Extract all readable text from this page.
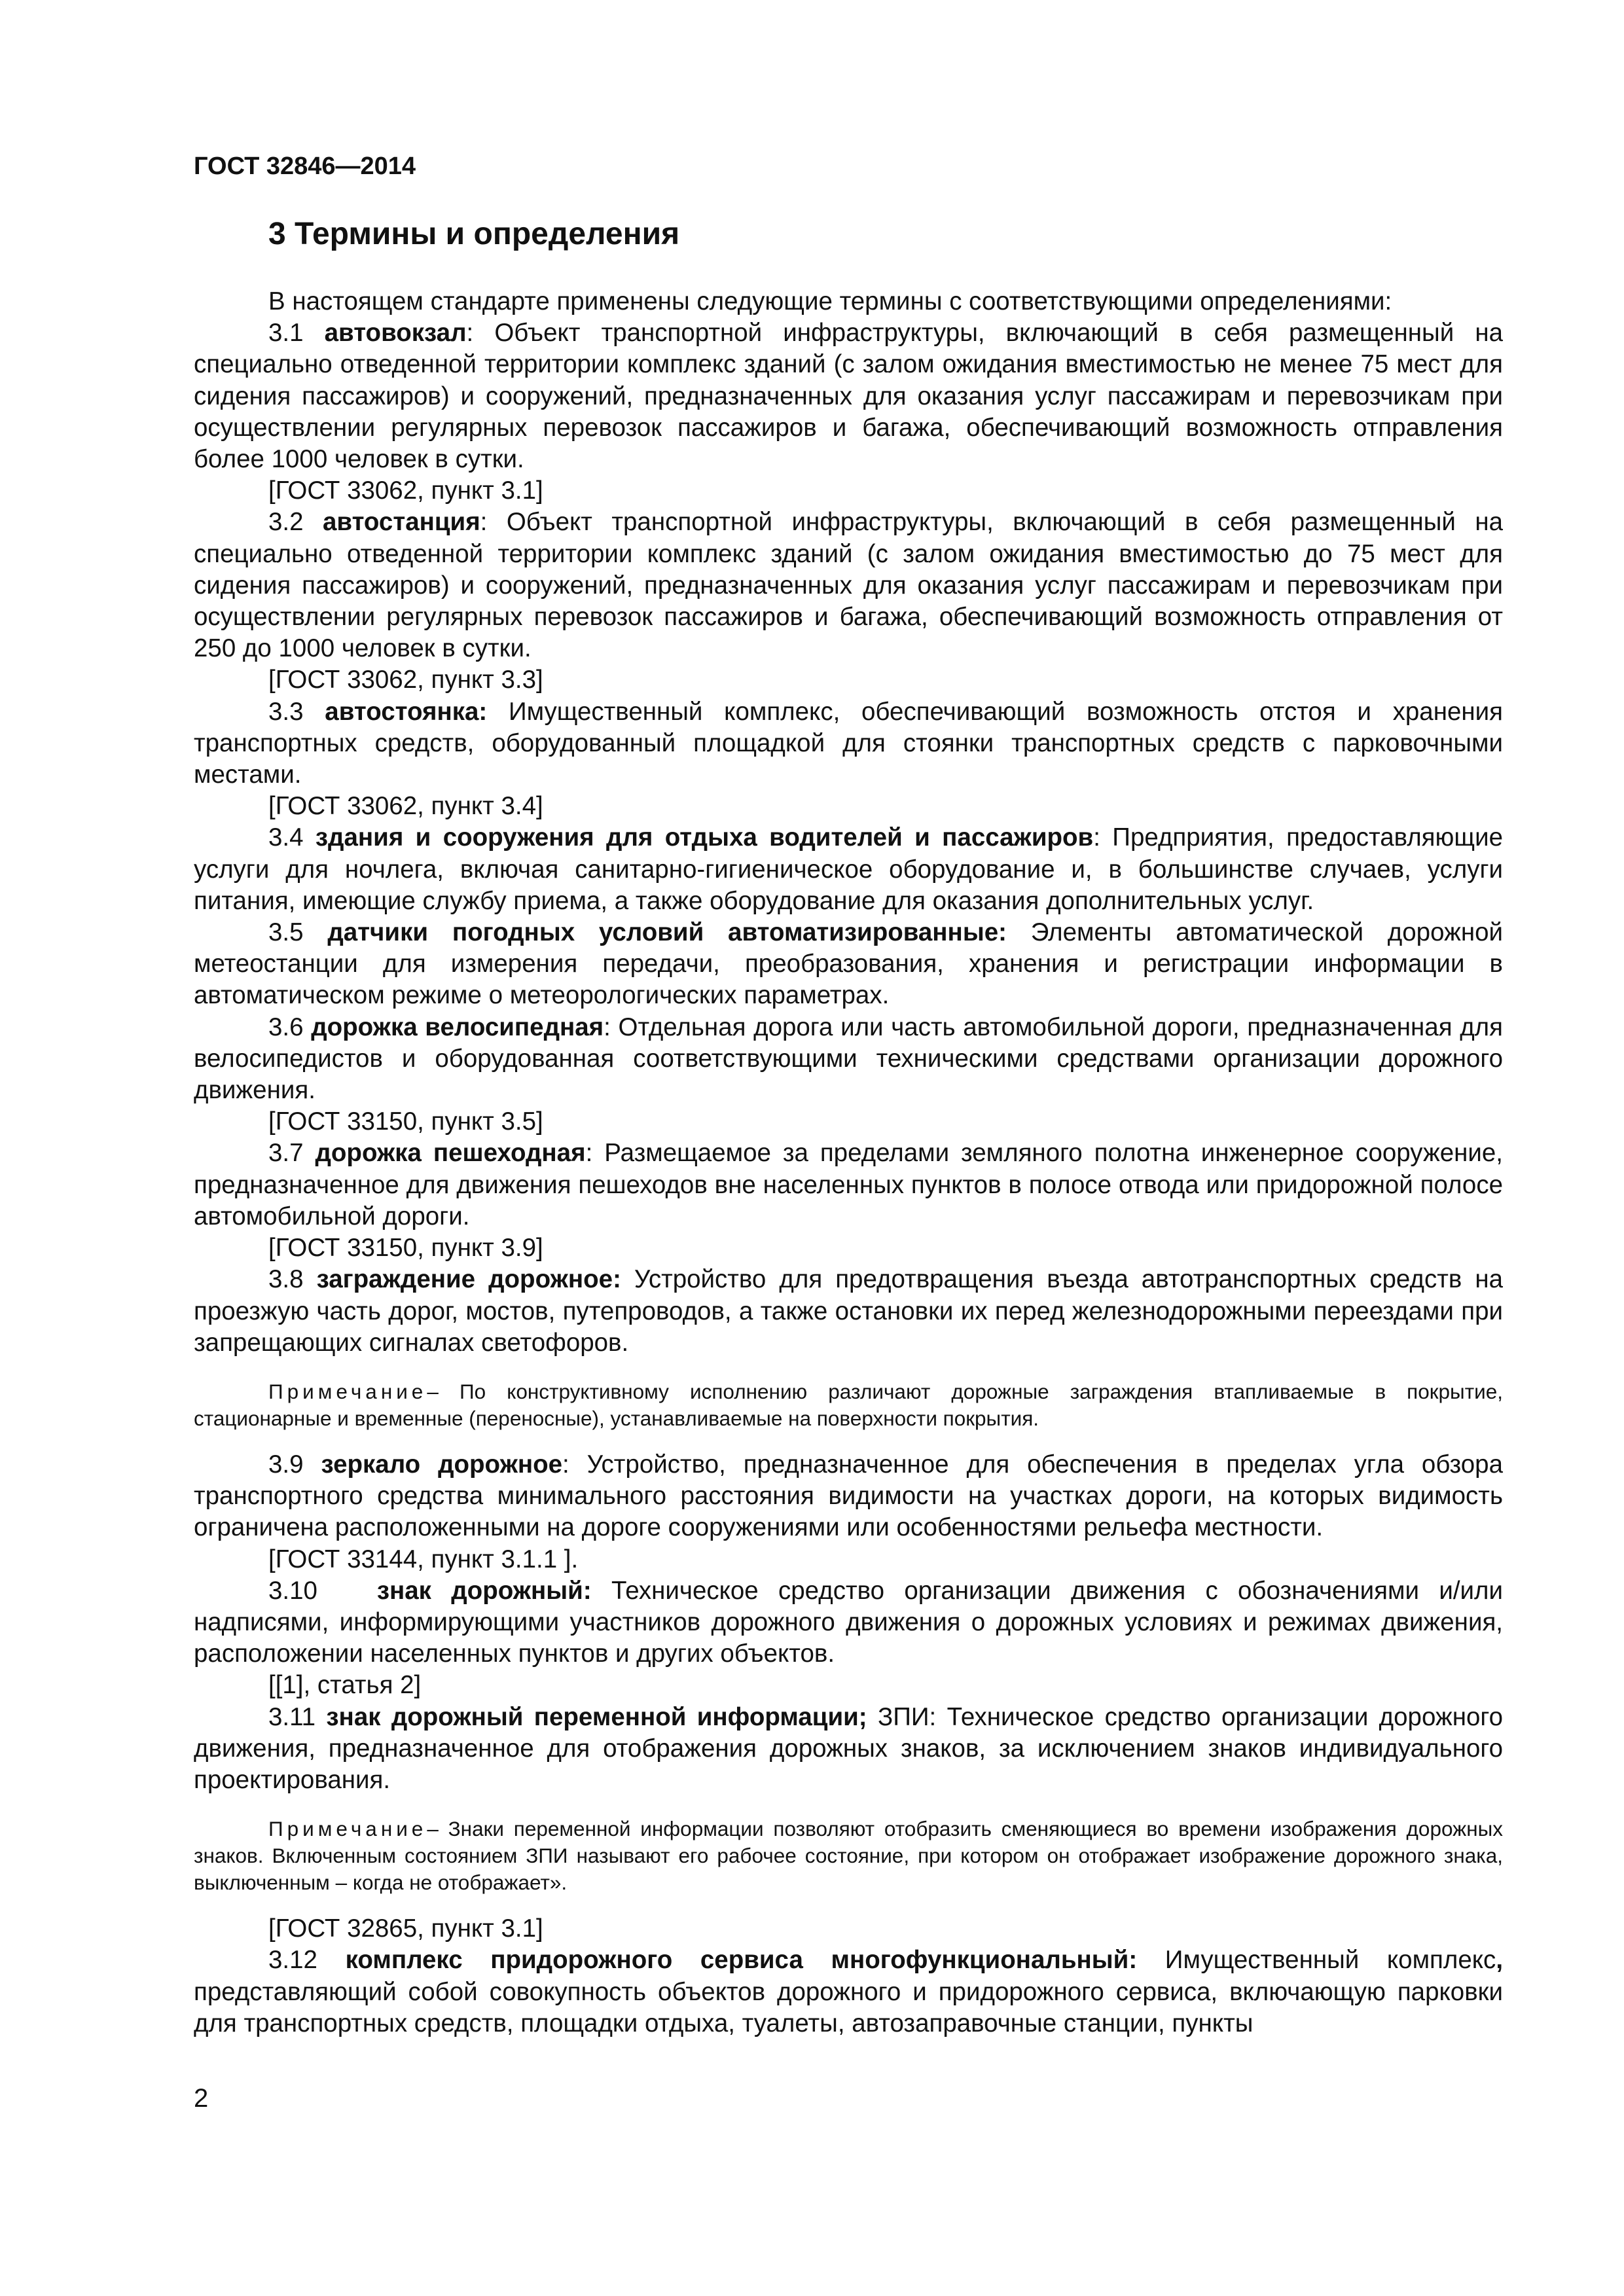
ГОСТ 32846—2014
3 Термины и определения

В настоящем стандарте применены следующие термины с соответствующими определениями:

3.1 автовокзал: Объект транспортной инфраструктуры, включающий в себя размещенный на специально отведенной территории комплекс зданий (с залом ожидания вместимостью не менее 75 мест для сидения пассажиров) и сооружений, предназначенных для оказания услуг пассажирам и перевозчикам при осуществлении регулярных перевозок пассажиров и багажа, обеспечивающий возможность отправления более 1000 человек в сутки.

[ГОСТ 33062, пункт 3.1]

3.2 автостанция: Объект транспортной инфраструктуры, включающий в себя размещенный на специально отведенной территории комплекс зданий (с залом ожидания вместимостью до 75 мест для сидения пассажиров) и сооружений, предназначенных для оказания услуг пассажирам и перевозчикам при осуществлении регулярных перевозок пассажиров и багажа, обеспечивающий возможность отправления от 250 до 1000 человек в сутки.

[ГОСТ 33062, пункт 3.3]

3.3 автостоянка: Имущественный комплекс, обеспечивающий возможность отстоя и хранения транспортных средств, оборудованный площадкой для стоянки транспортных средств с парковочными местами.

[ГОСТ 33062, пункт 3.4]

3.4 здания и сооружения для отдыха водителей и пассажиров: Предприятия, предоставляющие услуги для ночлега, включая санитарно-гигиеническое оборудование и, в большинстве случаев, услуги питания, имеющие службу приема, а также оборудование для оказания дополнительных услуг.

3.5 датчики погодных условий автоматизированные: Элементы автоматической дорожной метеостанции для измерения передачи, преобразования, хранения и регистрации информации в автоматическом режиме о метеорологических параметрах.

3.6 дорожка велосипедная: Отдельная дорога или часть автомобильной дороги, предназначенная для велосипедистов и оборудованная соответствующими техническими средствами организации дорожного движения.

[ГОСТ 33150, пункт 3.5]

3.7 дорожка пешеходная: Размещаемое за пределами земляного полотна инженерное сооружение, предназначенное для движения пешеходов вне населенных пунктов в полосе отвода или придорожной полосе автомобильной дороги.

[ГОСТ 33150, пункт 3.9]

3.8 заграждение дорожное: Устройство для предотвращения въезда автотранспортных средств на проезжую часть дорог, мостов, путепроводов, а также остановки их перед железнодорожными переездами при запрещающих сигналах светофоров.

Примечание– По конструктивному исполнению различают дорожные заграждения втапливаемые в покрытие, стационарные и временные (переносные), устанавливаемые на поверхности покрытия.

3.9 зеркало дорожное: Устройство, предназначенное для обеспечения в пределах угла обзора транспортного средства минимального расстояния видимости на участках дороги, на которых видимость ограничена расположенными на дороге сооружениями или особенностями рельефа местности.

[ГОСТ 33144, пункт 3.1.1 ].

3.10 знак дорожный: Техническое средство организации движения с обозначениями и/или надписями, информирующими участников дорожного движения о дорожных условиях и режимах движения, расположении населенных пунктов и других объектов.

[[1], статья 2]

3.11 знак дорожный переменной информации; ЗПИ: Техническое средство организации дорожного движения, предназначенное для отображения дорожных знаков, за исключением знаков индивидуального проектирования.

Примечание– Знаки переменной информации позволяют отобразить сменяющиеся во времени изображения дорожных знаков. Включенным состоянием ЗПИ называют его рабочее состояние, при котором он отображает изображение дорожного знака, выключенным – когда не отображает».

[ГОСТ 32865, пункт 3.1]

3.12 комплекс придорожного сервиса многофункциональный: Имущественный комплекс, представляющий собой совокупность объектов дорожного и придорожного сервиса, включающую парковки для транспортных средств, площадки отдыха, туалеты, автозаправочные станции, пункты

2
